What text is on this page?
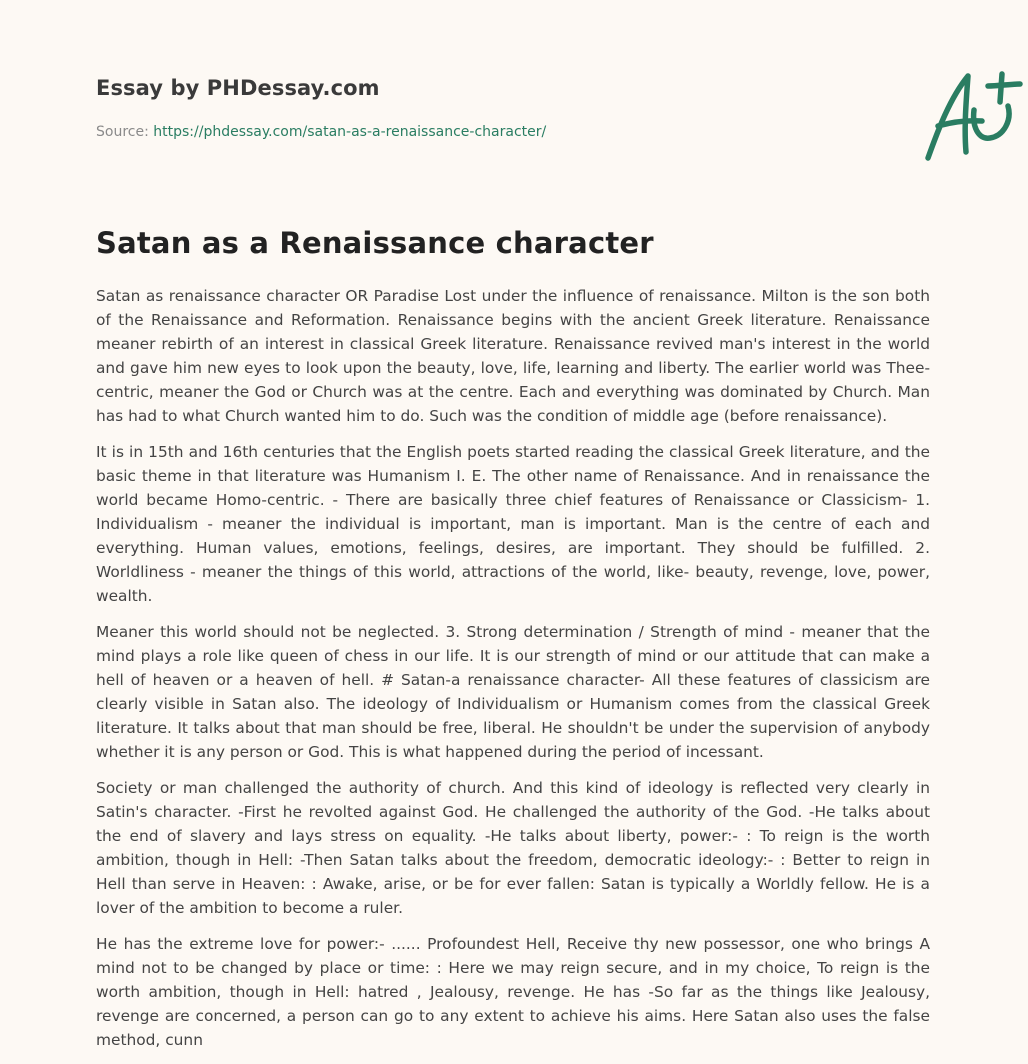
Essay by PHDessay.com
Source: https://phdessay.com/satan-as-a-renaissance-character/
Satan as a Renaissance character

Satan as renaissance character OR Paradise Lost under the influence of renaissance. Milton is the son both of the Renaissance and Reformation. Renaissance begins with the ancient Greek literature. Renaissance meaner rebirth of an interest in classical Greek literature. Renaissance revived man's interest in the world and gave him new eyes to look upon the beauty, love, life, learning and liberty. The earlier world was Thee-centric, meaner the God or Church was at the centre. Each and everything was dominated by Church. Man has had to what Church wanted him to do. Such was the condition of middle age (before renaissance).

It is in 15th and 16th centuries that the English poets started reading the classical Greek literature, and the basic theme in that literature was Humanism I. E. The other name of Renaissance. And in renaissance the world became Homo-centric. - There are basically three chief features of Renaissance or Classicism- 1. Individualism - meaner the individual is important, man is important. Man is the centre of each and everything. Human values, emotions, feelings, desires, are important. They should be fulfilled. 2. Worldliness - meaner the things of this world, attractions of the world, like- beauty, revenge, love, power, wealth.

Meaner this world should not be neglected. 3. Strong determination / Strength of mind - meaner that the mind plays a role like queen of chess in our life. It is our strength of mind or our attitude that can make a hell of heaven or a heaven of hell. # Satan-a renaissance character- All these features of classicism are clearly visible in Satan also. The ideology of Individualism or Humanism comes from the classical Greek literature. It talks about that man should be free, liberal. He shouldn't be under the supervision of anybody whether it is any person or God. This is what happened during the period of incessant.

Society or man challenged the authority of church. And this kind of ideology is reflected very clearly in Satin's character. -First he revolted against God. He challenged the authority of the God. -He talks about the end of slavery and lays stress on equality. -He talks about liberty, power:- : To reign is the worth ambition, though in Hell: -Then Satan talks about the freedom, democratic ideology:- : Better to reign in Hell than serve in Heaven: : Awake, arise, or be for ever fallen: Satan is typically a Worldly fellow. He is a lover of the ambition to become a ruler.

He has the extreme love for power:- ...... Profoundest Hell, Receive thy new possessor, one who brings A mind not to be changed by place or time: : Here we may reign secure, and in my choice, To reign is the worth ambition, though in Hell: hatred , Jealousy, revenge. He has -So far as the things like Jealousy, revenge are concerned, a person can go to any extent to achieve his aims. Here Satan also uses the false method, cunn
